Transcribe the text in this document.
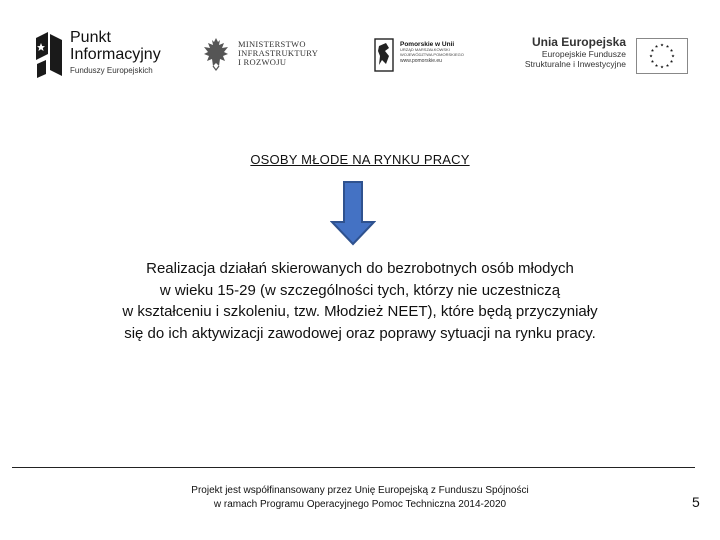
Punkt Informacyjny
Funduszy Europejskich
MINISTERSTWO
INFRASTRUKTURY
I ROZWOJU
Pomorskie w Unii
URZĄD MARSZAŁKOWSKI
WOJEWÓDZTWA POMORSKIEGO
www.pomorskie.eu
Unia Europejska
Europejskie Fundusze
Strukturalne i Inwestycyjne
OSOBY MŁODE NA RYNKU PRACY
Realizacja działań skierowanych do bezrobotnych osób młodych
w wieku 15-29 (w szczególności tych, którzy nie uczestniczą
w kształceniu i szkoleniu, tzw. Młodzież NEET), które będą przyczyniały
się do ich aktywizacji zawodowej oraz poprawy sytuacji na rynku pracy.
Projekt jest współfinansowany przez Unię Europejską z Funduszu Spójności
w ramach Programu Operacyjnego Pomoc Techniczna 2014-2020	5
